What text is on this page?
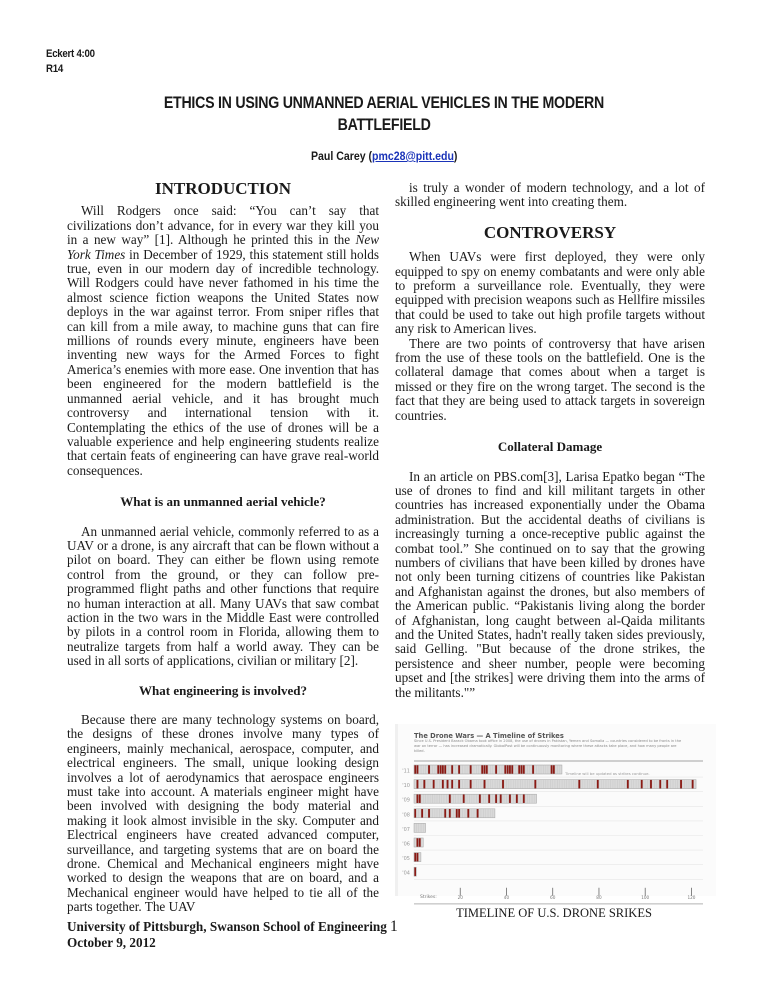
Eckert 4:00
R14
ETHICS IN USING UNMANNED AERIAL VEHICLES IN THE MODERN
BATTLEFIELD
Paul Carey (pmc28@pitt.edu)
INTRODUCTION

Will Rodgers once said: “You can’t say that civilizations don’t advance, for in every war they kill you in a new way” [1]. Although he printed this in the New York Times in December of 1929, this statement still holds true, even in our modern day of incredible technology. Will Rodgers could have never fathomed in his time the almost science fiction weapons the United States now deploys in the war against terror. From sniper rifles that can kill from a mile away, to machine guns that can fire millions of rounds every minute, engineers have been inventing new ways for the Armed Forces to fight America’s enemies with more ease. One invention that has been engineered for the modern battlefield is the unmanned aerial vehicle, and it has brought much controversy and international tension with it. Contemplating the ethics of the use of drones will be a valuable experience and help engineering students realize that certain feats of engineering can have grave real-world consequences.

What is an unmanned aerial vehicle?

An unmanned aerial vehicle, commonly referred to as a UAV or a drone, is any aircraft that can be flown without a pilot on board. They can either be flown using remote control from the ground, or they can follow pre-programmed flight paths and other functions that require no human interaction at all. Many UAVs that saw combat action in the two wars in the Middle East were controlled by pilots in a control room in Florida, allowing them to neutralize targets from half a world away. They can be used in all sorts of applications, civilian or military [2].

What engineering is involved?

Because there are many technology systems on board, the designs of these drones involve many types of engineers, mainly mechanical, aerospace, computer, and electrical engineers. The small, unique looking design involves a lot of aerodynamics that aerospace engineers must take into account. A materials engineer might have been involved with designing the body material and making it look almost invisible in the sky. Computer and Electrical engineers have created advanced computer, surveillance, and targeting systems that are on board the drone. Chemical and Mechanical engineers might have worked to design the weapons that are on board, and a Mechanical engineer would have helped to tie all of the parts together. The UAV

is truly a wonder of modern technology, and a lot of skilled engineering went into creating them.

CONTROVERSY

When UAVs were first deployed, they were only equipped to spy on enemy combatants and were only able to preform a surveillance role. Eventually, they were equipped with precision weapons such as Hellfire missiles that could be used to take out high profile targets without any risk to American lives.

There are two points of controversy that have arisen from the use of these tools on the battlefield. One is the collateral damage that comes about when a target is missed or they fire on the wrong target. The second is the fact that they are being used to attack targets in sovereign countries.

Collateral Damage

In an article on PBS.com[3], Larisa Epatko began “The use of drones to find and kill militant targets in other countries has increased exponentially under the Obama administration. But the accidental deaths of civilians is increasingly turning a once-receptive public against the combat tool.” She continued on to say that the growing numbers of civilians that have been killed by drones have not only been turning citizens of countries like Pakistan and Afghanistan against the drones, but also members of the American public. “Pakistanis living along the border of Afghanistan, long caught between al-Qaida militants and the United States, hadn't really taken sides previously, said Gelling. "But because of the drone strikes, the persistence and sheer number, people were becoming upset and [the strikes] were driving them into the arms of the militants."”

The Drone Wars — A Timeline of Strikes
Since U.S. President Barack Obama took office in 2008, the use of drones in Pakistan, Yemen and Somalia — countries considered to be fronts in the war on terror — has increased dramatically. GlobalPost will be continuously monitoring where these attacks take place, and how many people are killed.
'11	Timeline will be updated as strikes continue.
'10
'09
'08
'07
'06
'05
'04
Strikes:	20	40	60	80	100	120
TIMELINE OF U.S. DRONE SRIKES
University of Pittsburgh, Swanson School of Engineering 1
October 9, 2012
